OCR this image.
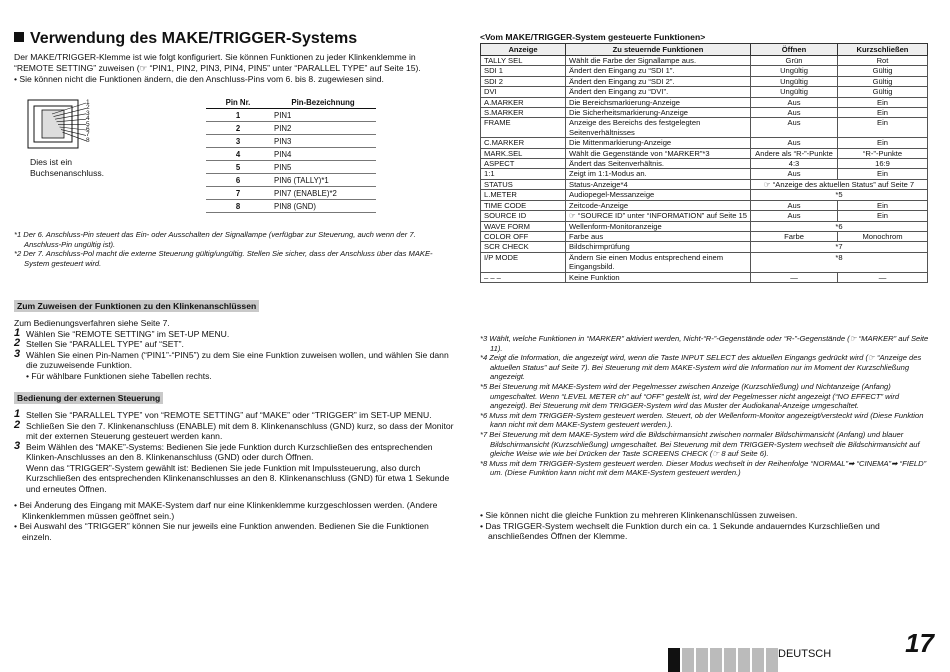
Verwendung des MAKE/TRIGGER-Systems
Der MAKE/TRIGGER-Klemme ist wie folgt konfiguriert. Sie können Funktionen zu jeder Klinkenklemme in “REMOTE SETTING” zuweisen (☞ “PIN1, PIN2, PIN3, PIN4, PIN5” unter “PARALLEL TYPE” auf Seite 15).
• Sie können nicht die Funktionen ändern, die den Anschluss-Pins vom 6. bis 8. zugewiesen sind.
1
2
3
4
5
6
7
8
Dies ist ein Buchsenanschluss.
Pin Nr.	Pin-Bezeichnung
1	PIN1
2	PIN2
3	PIN3
4	PIN4
5	PIN5
6	PIN6 (TALLY)*1
7	PIN7 (ENABLE)*2
8	PIN8 (GND)
*1 Der 6. Anschluss-Pin steuert das Ein- oder Ausschalten der Signallampe (verfügbar zur Steuerung, auch wenn der 7. Anschluss-Pin ungültig ist).
*2 Der 7. Anschluss-Pol macht die externe Steuerung gültig/ungültig. Stellen Sie sicher, dass der Anschluss über das MAKE-System gesteuert wird.
Zum Zuweisen der Funktionen zu den Klinkenanschlüssen
Zum Bedienungsverfahren siehe Seite 7.
1 Wählen Sie “REMOTE SETTING” im SET-UP MENU.
2 Stellen Sie “PARALLEL TYPE” auf “SET”.
3 Wählen Sie einen Pin-Namen (“PIN1”-“PIN5”) zu dem Sie eine Funktion zuweisen wollen, und wählen Sie dann die zuzuweisende Funktion.
• Für wählbare Funktionen siehe Tabellen rechts.
Bedienung der externen Steuerung
1 Stellen Sie “PARALLEL TYPE” von “REMOTE SETTING” auf “MAKE” oder “TRIGGER” im SET-UP MENU.
2 Schließen Sie den 7. Klinkenanschluss (ENABLE) mit dem 8. Klinkenanschluss (GND) kurz, so dass der Monitor mit der externen Steuerung gesteuert werden kann.
3 Beim Wählen des “MAKE”-Systems: Bedienen Sie jede Funktion durch Kurzschließen des entsprechenden Klinken-Anschlusses an den 8. Klinkenanschluss (GND) oder durch Öffnen.
Wenn das “TRIGGER”-System gewählt ist: Bedienen Sie jede Funktion mit Impulssteuerung, also durch Kurzschließen des entsprechenden Klinkenanschlusses an den 8. Klinkenanschluss (GND) für etwa 1 Sekunde und erneutes Öffnen.
• Bei Änderung des Eingang mit MAKE-System darf nur eine Klinkenklemme kurzgeschlossen werden. (Andere Klinkenklemmen müssen geöffnet sein.)
• Bei Auswahl des “TRIGGER” können Sie nur jeweils eine Funktion anwenden. Bedienen Sie die Funktionen einzeln.
<Vom MAKE/TRIGGER-System gesteuerte Funktionen>
Anzeige	Zu steuernde Funktionen	Öffnen	Kurzschließen
TALLY SEL	Wählt die Farbe der Signallampe aus.	Grün	Rot
SDI 1	Ändert den Eingang zu “SDI 1”.	Ungültig	Gültig
SDI 2	Ändert den Eingang zu “SDI 2”.	Ungültig	Gültig
DVI	Ändert den Eingang zu “DVI”.	Ungültig	Gültig
A.MARKER	Die Bereichsmarkierung-Anzeige	Aus	Ein
S.MARKER	Die Sicherheitsmarkierung-Anzeige	Aus	Ein
FRAME	Anzeige des Bereichs des festgelegten Seitenverhältnisses	Aus	Ein
C.MARKER	Die Mittenmarkierung-Anzeige	Aus	Ein
MARK.SEL	Wählt die Gegenstände von “MARKER”*3	Andere als “R-”-Punkte	“R-”-Punkte
ASPECT	Ändert das Seitenverhältnis.	4:3	16:9
1:1	Zeigt im 1:1-Modus an.	Aus	Ein
STATUS	Status-Anzeige*4	☞ “Anzeige des aktuellen Status” auf Seite 7	
L.METER	Audiopegel-Messanzeige	*5	
TIME CODE	Zeitcode-Anzeige	Aus	Ein
SOURCE ID	☞ “SOURCE ID” unter “INFORMATION” auf Seite 15	Aus	Ein
WAVE FORM	Wellenform-Monitoranzeige	*6	
COLOR OFF	Farbe aus	Farbe	Monochrom
SCR CHECK	Bildschirmprüfung	*7	
I/P MODE	Ändern Sie einen Modus entsprechend einem Eingangsbild.	*8	
– – –	Keine Funktion	—	—
*3 Wählt, welche Funktionen in “MARKER” aktiviert werden, Nicht-“R-”-Gegenstände oder “R-”-Gegenstände (☞ “MARKER” auf Seite 11).
*4 Zeigt die Information, die angezeigt wird, wenn die Taste INPUT SELECT des aktuellen Eingangs gedrückt wird (☞ “Anzeige des aktuellen Status” auf Seite 7). Bei Steuerung mit dem MAKE-System wird die Information nur im Moment der Kurzschließung angezeigt.
*5 Bei Steuerung mit MAKE-System wird der Pegelmesser zwischen Anzeige (Kurzschließung) und Nichtanzeige (Anfang) umgeschaltet. Wenn “LEVEL METER ch” auf “OFF” gestellt ist, wird der Pegelmesser nicht angezeigt (“NO EFFECT” wird angezeigt). Bei Steuerung mit dem TRIGGER-System wird das Muster der Audiokanal-Anzeige umgeschaltet.
*6 Muss mit dem TRIGGER-System gesteuert werden. Steuert, ob der Wellenform-Monitor angezeigt/versteckt wird (Diese Funktion kann nicht mit dem MAKE-System gesteuert werden.).
*7 Bei Steuerung mit dem MAKE-System wird die Bildschirmansicht zwischen normaler Bildschirmansicht (Anfang) und blauer Bildschirmansicht (Kurzschließung) umgeschaltet. Bei Steuerung mit dem TRIGGER-System wechselt die Bildschirmansicht auf gleiche Weise wie wie bei Drücken der Taste SCREENS CHECK (☞ 8 auf Seite 6).
*8 Muss mit dem TRIGGER-System gesteuert werden. Dieser Modus wechselt in der Reihenfolge “NORMAL”➡ “CINEMA”➡ “FIELD” um. (Diese Funktion kann nicht mit dem MAKE-System gesteuert werden.)
• Sie können nicht die gleiche Funktion zu mehreren Klinkenanschlüssen zuweisen.
• Das TRIGGER-System wechselt die Funktion durch ein ca. 1 Sekunde andauerndes Kurzschließen und anschließendes Öffnen der Klemme.
DEUTSCH	17
